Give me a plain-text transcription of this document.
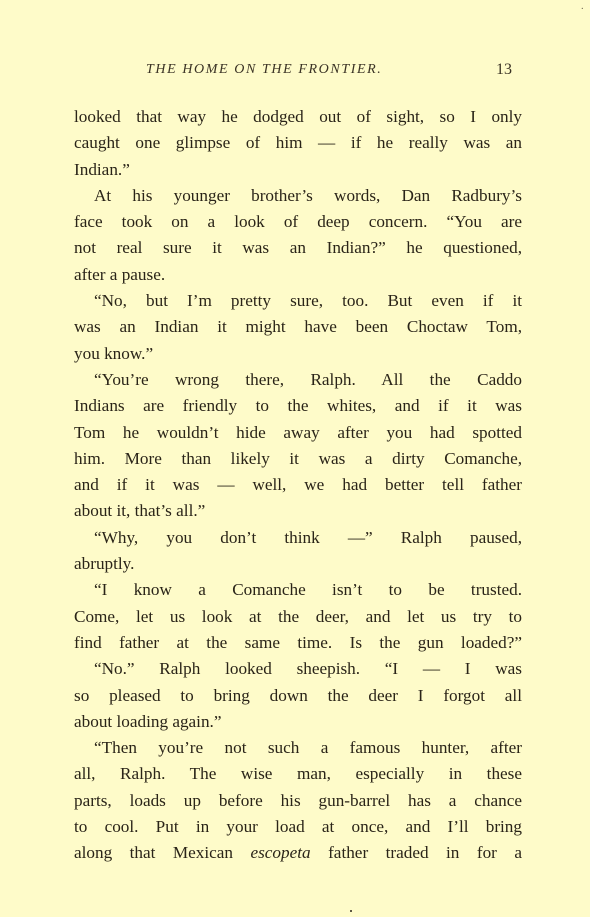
·
THE HOME ON THE FRONTIER.	13
looked that way he dodged out of sight, so I only
caught one glimpse of him — if he really was an
Indian.”
At his younger brother’s words, Dan Radbury’s
face took on a look of deep concern. “You are
not real sure it was an Indian?” he questioned,
after a pause.
“No, but I’m pretty sure, too. But even if it
was an Indian it might have been Choctaw Tom,
you know.”
“You’re wrong there, Ralph. All the Caddo
Indians are friendly to the whites, and if it was
Tom he wouldn’t hide away after you had spotted
him. More than likely it was a dirty Comanche,
and if it was — well, we had better tell father
about it, that’s all.”
“Why, you don’t think —” Ralph paused,
abruptly.
“I know a Comanche isn’t to be trusted.
Come, let us look at the deer, and let us try to
find father at the same time. Is the gun loaded?”
“No.” Ralph looked sheepish. “I — I was
so pleased to bring down the deer I forgot all
about loading again.”
“Then you’re not such a famous hunter, after
all, Ralph. The wise man, especially in these
parts, loads up before his gun-barrel has a chance
to cool. Put in your load at once, and I’ll bring
along that Mexican escopeta father traded in for a
